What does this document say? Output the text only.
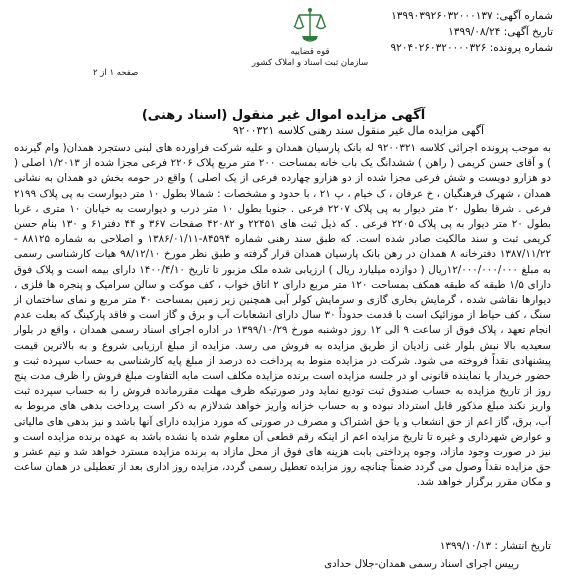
شماره آگهی: ۱۳۹۹۰۳۹۲۶۰۳۲۰۰۰۱۳۷
تاریخ آگهی: ۱۳۹۹/۰۸/۲۴
شماره پرونده: ۹۲۰۴۰۲۶۰۳۲۰۰۰۰۳۲۶
قوه قضاییه
سازمان ثبت اسناد و املاک کشور
صفحه ۱ از ۲
آگهی مزایده اموال غیر منقول (اسناد رهنی)
آگهی مزایده مال غیر منقول سند رهنی کلاسه ۹۲۰۰۳۲۱
به موجب پرونده اجرائی کلاسه ۹۲۰۰۳۲۱ له بانک پارسیان همدان و علیه شرکت فراورده های لبنی دستجرد همدان( وام گیرنده ) و آقای حسن کریمی ( راهن ) ششدانگ یک باب خانه بمساحت ۲۰۰ متر مربع پلاک ۲۲۰۶ فرعی مجزا شده از ۱/۲۰۱۳ اصلی ( دو هزارو دویست و شش فرعی مجزا شده از دو هزارو چهارده فرعی از یک اصلی ) واقع در حومه بخش دو همدان به نشانی همدان ، شهرک فرهنگیان ، خ عرفان ، ک خیام ، پ ۲۱ ، با حدود و مشخصات : شمالا بطول ۱۰ متر دیوارست به پی پلاک ۲۱۹۹ فرعی . شرقا بطول ۲۰ متر دیوار به پی پلاک ۲۲۰۷ فرعی . جنوبا بطول ۱۰ متر درب و دیوارست به خیابان ۱۰ متری ، غربا بطول ۲۰ متر دیوار به پی پلاک ۲۲۰۵ فرعی . که ذیل ثبت های ۲۲۴۵۱ و ۴۲۰۸۲ صفحات ۳۶۷ و ۴۴ دفتر۶۱ و ۱۳۰ بنام حسن کریمی ثبت و سند مالکیت صادر شده است. که طبق سند رهنی شماره ۸۴۵۹۴-۱۳۸۶/۰۱/۱۱ و اصلاحی به شماره ۸۸۱۲۵ - ۱۳۸۷/۱۱/۲۲ دفترخانه ۸ همدان در رهن بانک پارسیان همدان قرار گرفته و طبق نظر مورخ ۹۸/۱۲/۱۰ هیات کارشناسی رسمی به مبلغ ۱۲/۰۰۰/۰۰۰/۰۰۰ریال ( دوازده میلیارد ریال ) ارزیابی شده ملک مزبور تا تاریخ ۱۴۰۰/۴/۱۰ دارای بیمه است و پلاک فوق دارای ۱/۵ طبقه که طبقه همکف بمساحت ۱۲۰ متر مربع دارای ۲ اتاق خواب ، کف موکت و سالن سرامیک و پنجره ها فلزی ، دیوارها نقاشی شده ، گرمایش بخاری گازی و سرمایش کولر آبی همچنین زیر زمین بمساحت ۴۰ متر مربع و نمای ساختمان از سنگ ، کف حیاط از موزائیک است با قدمت حدوداً ۳۰ سال دارای انشعابات آب و برق و گاز است و فاقد پارکینگ که بعلت عدم انجام تعهد ، پلاک فوق از ساعت ۹ الی ۱۲ روز دوشنبه مورخ ۱۳۹۹/۱۰/۲۹ در اداره اجرای اسناد رسمی همدان ، واقع در بلوار سعیدیه بالا نبش بلوار غنی زادیان از طریق مزایده به فروش می رسد. مزایده از مبلغ ارزیابی شروع و به بالاترین قیمت پیشنهادی نقداً فروخته می شود. شرکت در مزایده منوط به پرداخت ده درصد از مبلغ پایه کارشناسی به حساب سپرده ثبت و حضور خریدار یا نماینده قانونی او در جلسه مزایده است برنده مزایده مکلف است مابه التفاوت مبلغ فروش را ظرف مدت پنج روز از تاریخ مزایده به حساب صندوق ثبت تودیع نماید ودر صورتیکه ظرف مهلت مقررمانده فروش را به حساب سپرده ثبت واریز نکند مبلغ مذکور قابل استرداد نبوده و به حساب خزانه واریز خواهد شدلازم به ذکر است پرداخت بدهی های مربوط به آب، برق، گاز اعم از حق انشعاب و یا حق اشتراک و مصرف در صورتی که مورد مزایده دارای آنها باشد و نیز بدهی های مالیاتی و عوارض شهرداری و غیره تا تاریخ مزایده اعم از اینکه رقم قطعی آن معلوم شده یا نشده باشد به عهده برنده مزایده است و نیز در صورت وجود مازاد، وجوه پرداختی بابت هزینه های فوق از محل مازاد به برنده مزایده مسترد خواهد شد و نیم عشر و حق مزایده نقداً وصول می گردد ضمناً چنانچه روز مزایده تعطیل رسمی گردد، مزایده روز اداری بعد از تعطیلی در همان ساعت و مکان مقرر برگزار خواهد شد.
تاریخ انتشار : ۱۳۹۹/۱۰/۱۳
رییس اجرای اسناد رسمی همدان-جلال حدادی
